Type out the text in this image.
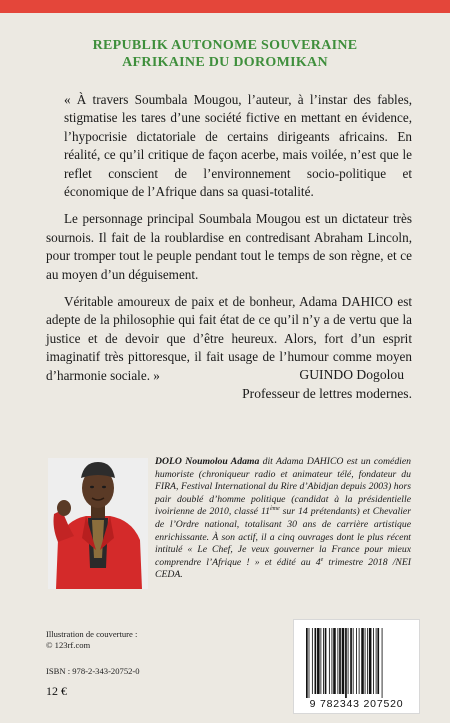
REPUBLIK AUTONOME SOUVERAINE
AFRIKAINE DU DOROMIKAN

« À travers Soumbala Mougou, l’auteur, à l’instar des fables, stigmatise les tares d’une société fictive en mettant en évidence, l’hypocrisie dictatoriale de certains dirigeants africains. En réalité, ce qu’il critique de façon acerbe, mais voilée, n’est que le reflet conscient de l’environnement socio-politique et économique de l’Afrique dans sa quasi-totalité.

Le personnage principal Soumbala Mougou est un dictateur très sournois. Il fait de la roublardise en contredisant Abraham Lincoln, pour tromper tout le peuple pendant tout le temps de son règne, et ce au moyen d’un déguisement.

Véritable amoureux de paix et de bonheur, Adama DAHICO est adepte de la philosophie qui fait état de ce qu’il n’y a de vertu que la justice et de devoir que d’être heureux. Alors, fort d’un esprit imaginatif très pittoresque, il fait usage de l’humour comme moyen d’harmonie sociale. »	GUINDO Dogolou
Professeur de lettres modernes.
DOLO Noumolou Adama dit Adama DAHICO est un comédien humoriste (chroniqueur radio et animateur télé, fondateur du FIRA, Festival International du Rire d’Abidjan depuis 2003) hors pair doublé d’homme politique (candidat à la présidentielle ivoirienne de 2010, classé 11ème sur 14 prétendants) et Chevalier de l’Ordre national, totalisant 30 ans de carrière artistique enrichissante. À son actif, il a cinq ouvrages dont le plus récent intitulé « Le Chef, Je veux gouverner la France pour mieux comprendre l’Afrique ! » et édité au 4e trimestre 2018 /NEI CEDA.
Illustration de couverture :
© 123rf.com
ISBN : 978-2-343-20752-0
12 €
9 782343 207520
